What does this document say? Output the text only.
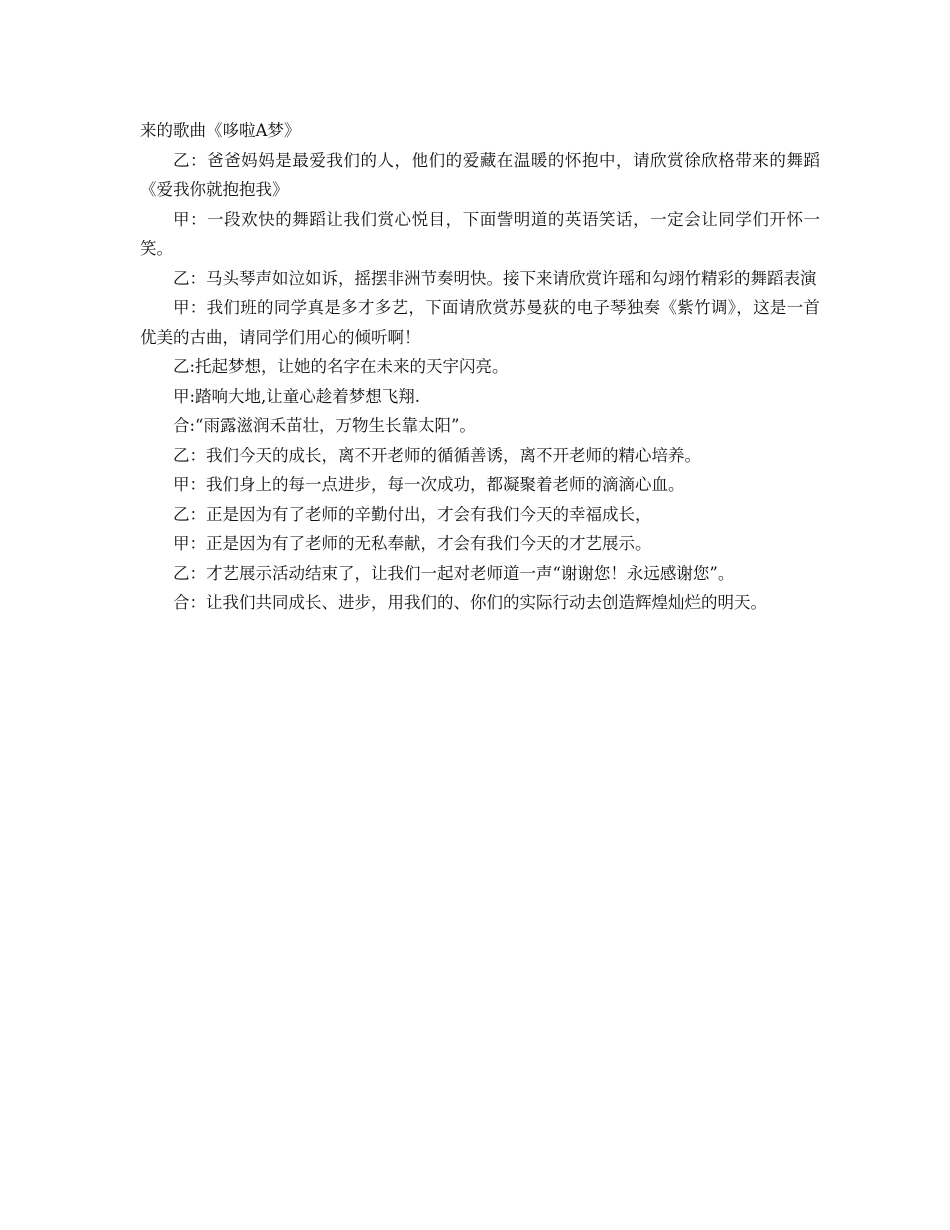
来的歌曲《哆啦A梦》

乙：爸爸妈妈是最爱我们的人，他们的爱藏在温暖的怀抱中，请欣赏徐欣格带来的舞蹈《爱我你就抱抱我》

甲：一段欢快的舞蹈让我们赏心悦目，下面訾明道的英语笑话，一定会让同学们开怀一笑。

乙：马头琴声如泣如诉，摇摆非洲节奏明快。接下来请欣赏许瑶和勾翊竹精彩的舞蹈表演

甲：我们班的同学真是多才多艺，下面请欣赏苏曼荻的电子琴独奏《紫竹调》，这是一首优美的古曲，请同学们用心的倾听啊！

乙:托起梦想，让她的名字在未来的天宇闪亮。

甲:踏响大地,让童心趁着梦想飞翔.

合:“雨露滋润禾苗壮，万物生长靠太阳”。

乙：我们今天的成长，离不开老师的循循善诱，离不开老师的精心培养。

甲：我们身上的每一点进步，每一次成功，都凝聚着老师的滴滴心血。

乙：正是因为有了老师的辛勤付出，才会有我们今天的幸福成长，

甲：正是因为有了老师的无私奉献，才会有我们今天的才艺展示。

乙：才艺展示活动结束了，让我们一起对老师道一声“谢谢您！永远感谢您”。

合：让我们共同成长、进步，用我们的、你们的实际行动去创造辉煌灿烂的明天。
